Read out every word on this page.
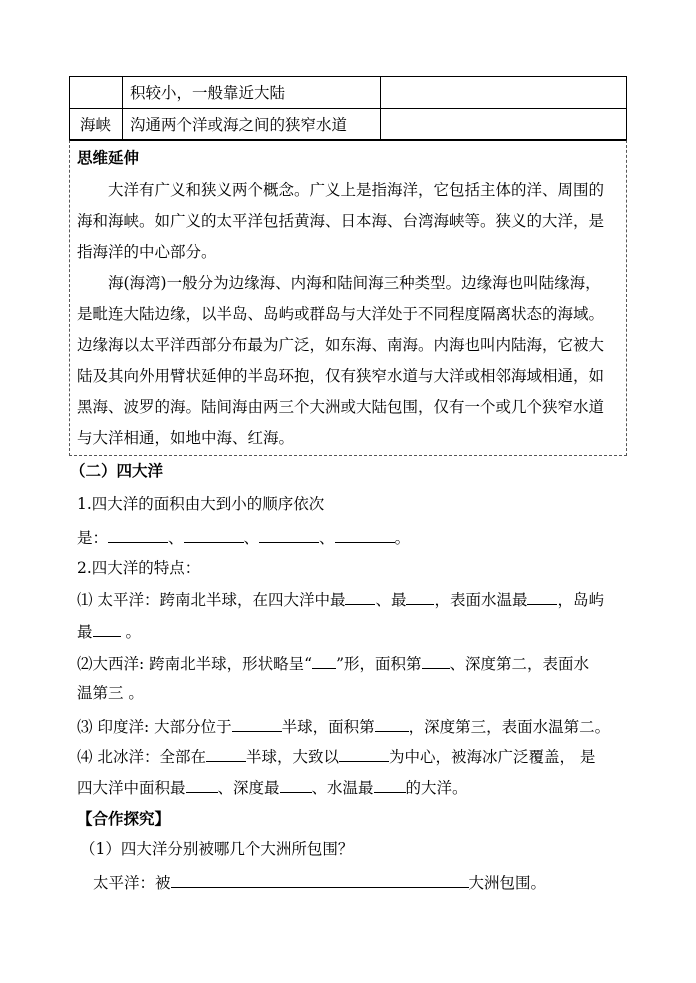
积较小，一般靠近大陆
海峡 沟通两个洋或海之间的狭窄水道
思维延伸
大洋有广义和狭义两个概念。广义上是指海洋，它包括主体的洋、周围的
海和海峡。如广义的太平洋包括黄海、日本海、台湾海峡等。狭义的大洋，是
指海洋的中心部分。
海(海湾)一般分为边缘海、内海和陆间海三种类型。边缘海也叫陆缘海，
是毗连大陆边缘，以半岛、岛屿或群岛与大洋处于不同程度隔离状态的海域。
边缘海以太平洋西部分布最为广泛，如东海、南海。内海也叫内陆海，它被大
陆及其向外用臂状延伸的半岛环抱，仅有狭窄水道与大洋或相邻海域相通，如
黑海、波罗的海。陆间海由两三个大洲或大陆包围，仅有一个或几个狭窄水道
与大洋相通，如地中海、红海。
（二）四大洋
1.四大洋的面积由大到小的顺序依次
是：	、	、	、	。
2.四大洋的特点：
⑴ 太平洋：跨南北半球，在四大洋中最 、最 ，表面水温最 ，岛屿
最 。
⑵大西洋: 跨南北半球，形状略呈“ ”形，面积第 、深度第二，表面水
温第三 。
⑶ 印度洋: 大部分位于	半球，面积第 ，深度第三，表面水温第二。
⑷ 北冰洋：全部在	半球，大致以	为中心，被海冰广泛覆盖， 是
四大洋中面积最 、深度最 、水温最 的大洋。
【合作探究】
（1）四大洋分别被哪几个大洲所包围？
太平洋：被	大洲包围。
